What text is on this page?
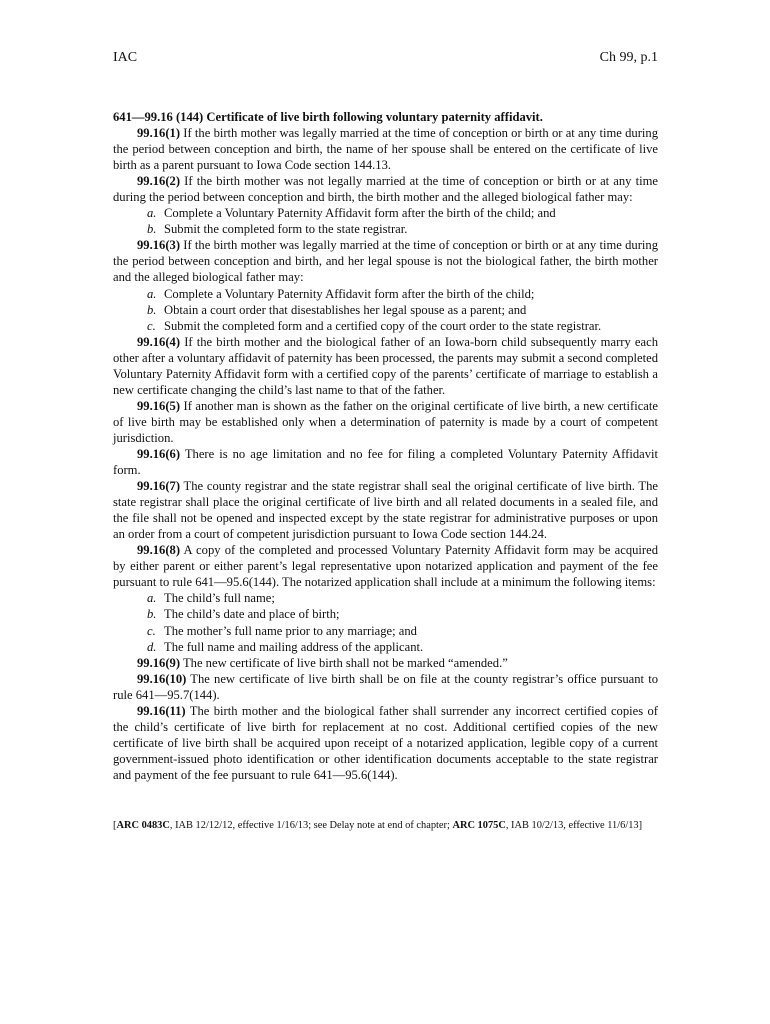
IAC	Ch 99, p.1

641—99.16 (144) Certificate of live birth following voluntary paternity affidavit.

99.16(1) If the birth mother was legally married at the time of conception or birth or at any time during the period between conception and birth, the name of her spouse shall be entered on the certificate of live birth as a parent pursuant to Iowa Code section 144.13.

99.16(2) If the birth mother was not legally married at the time of conception or birth or at any time during the period between conception and birth, the birth mother and the alleged biological father may:

a. Complete a Voluntary Paternity Affidavit form after the birth of the child; and

b. Submit the completed form to the state registrar.

99.16(3) If the birth mother was legally married at the time of conception or birth or at any time during the period between conception and birth, and her legal spouse is not the biological father, the birth mother and the alleged biological father may:

a. Complete a Voluntary Paternity Affidavit form after the birth of the child;

b. Obtain a court order that disestablishes her legal spouse as a parent; and

c. Submit the completed form and a certified copy of the court order to the state registrar.

99.16(4) If the birth mother and the biological father of an Iowa-born child subsequently marry each other after a voluntary affidavit of paternity has been processed, the parents may submit a second completed Voluntary Paternity Affidavit form with a certified copy of the parents’ certificate of marriage to establish a new certificate changing the child’s last name to that of the father.

99.16(5) If another man is shown as the father on the original certificate of live birth, a new certificate of live birth may be established only when a determination of paternity is made by a court of competent jurisdiction.

99.16(6) There is no age limitation and no fee for filing a completed Voluntary Paternity Affidavit form.

99.16(7) The county registrar and the state registrar shall seal the original certificate of live birth. The state registrar shall place the original certificate of live birth and all related documents in a sealed file, and the file shall not be opened and inspected except by the state registrar for administrative purposes or upon an order from a court of competent jurisdiction pursuant to Iowa Code section 144.24.

99.16(8) A copy of the completed and processed Voluntary Paternity Affidavit form may be acquired by either parent or either parent’s legal representative upon notarized application and payment of the fee pursuant to rule 641—95.6(144). The notarized application shall include at a minimum the following items:

a. The child’s full name;

b. The child’s date and place of birth;

c. The mother’s full name prior to any marriage; and

d. The full name and mailing address of the applicant.

99.16(9) The new certificate of live birth shall not be marked “amended.”

99.16(10) The new certificate of live birth shall be on file at the county registrar’s office pursuant to rule 641—95.7(144).

99.16(11) The birth mother and the biological father shall surrender any incorrect certified copies of the child’s certificate of live birth for replacement at no cost. Additional certified copies of the new certificate of live birth shall be acquired upon receipt of a notarized application, legible copy of a current government-issued photo identification or other identification documents acceptable to the state registrar and payment of the fee pursuant to rule 641—95.6(144).

[ARC 0483C, IAB 12/12/12, effective 1/16/13; see Delay note at end of chapter; ARC 1075C, IAB 10/2/13, effective 11/6/13]
